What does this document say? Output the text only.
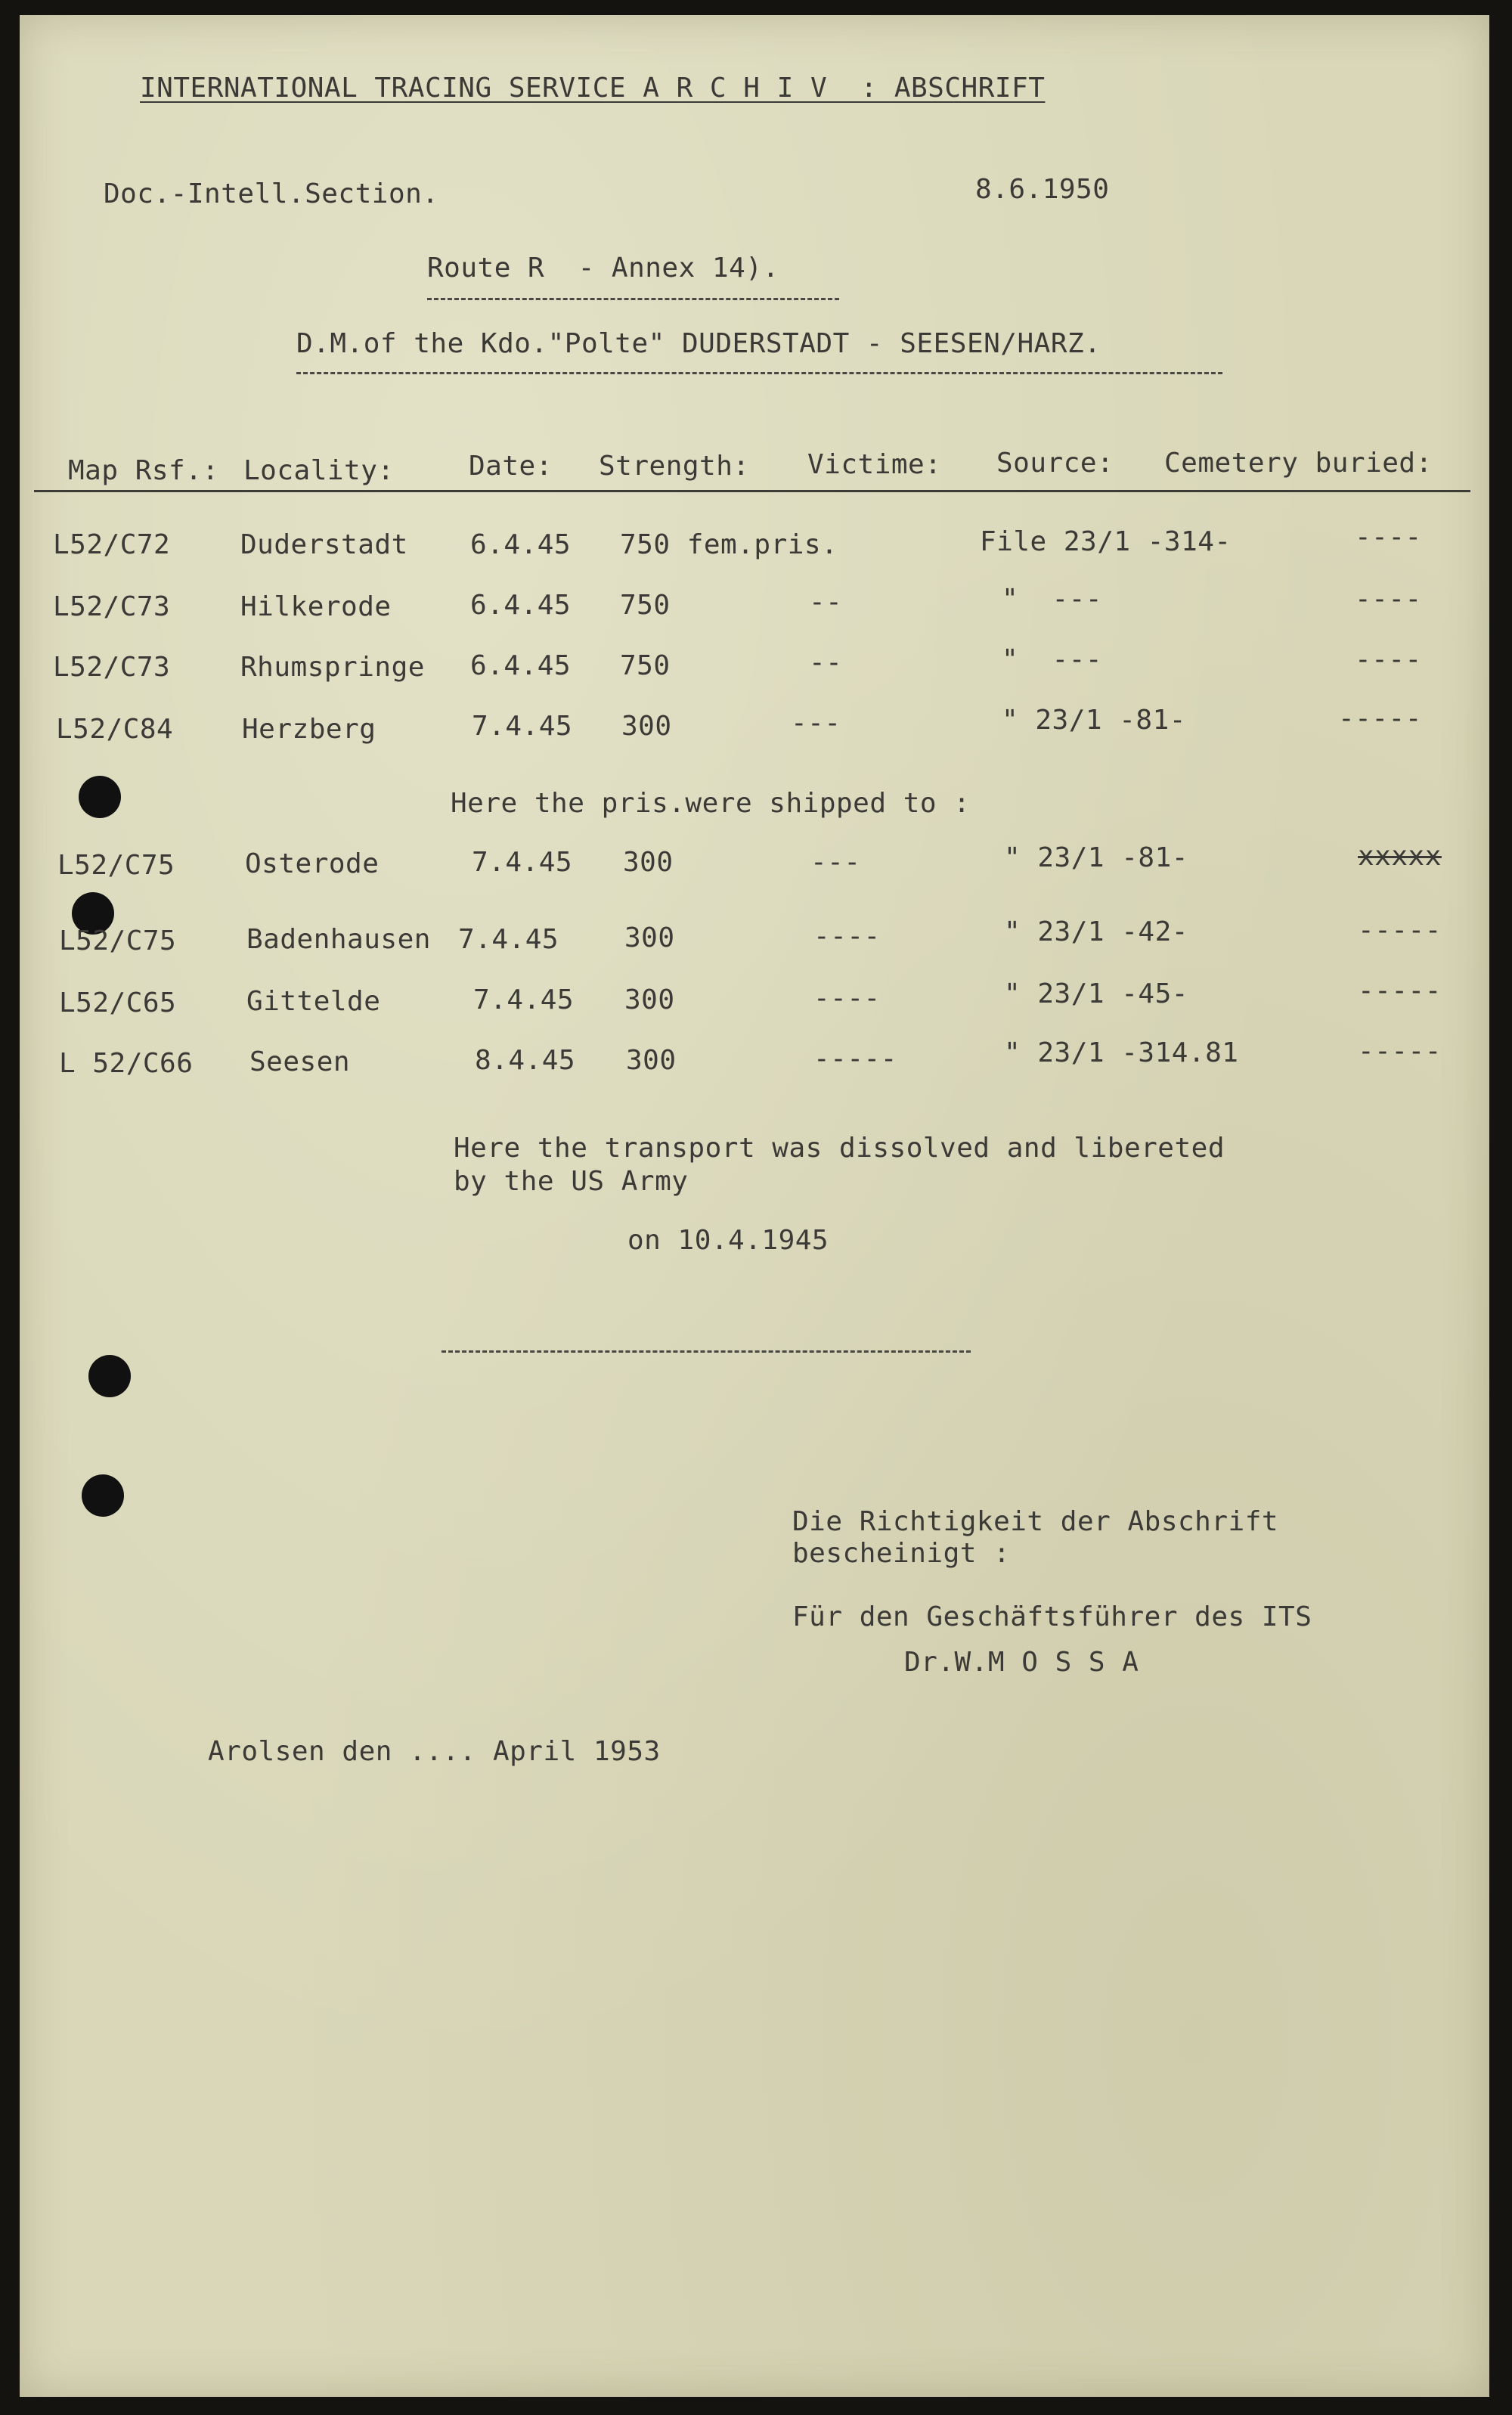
INTERNATIONAL TRACING SERVICE A R C H I V  : ABSCHRIFT
Doc.-Intell.Section.	8.6.1950
Route R  - Annex 14).
D.M.of the Kdo."Polte" DUDERSTADT - SEESEN/HARZ.
Map Rsf.: Locality:	Date: Strength: Victime: Source: Cemetery buried:
L52/C72	Duderstadt 6.4.45 750 fem.pris.	File 23/1 -314-	----
L52/C73	Hilkerode	6.4.45 750	--	"  ---	----
L52/C73	Rhumspringe 6.4.45 750	--	"  ---	----
L52/C84	Herzberg	7.4.45 300	---	" 23/1 -81-	-----
Here the pris.were shipped to :
L52/C75	Osterode	7.4.45 300	---	" 23/1 -81-	xxxxx
L52/C75	Badenhausen 7.4.45 300	----	" 23/1 -42-	-----
L52/C65	Gittelde	7.4.45 300	----	" 23/1 -45-	-----
L 52/C66 Seesen	8.4.45 300	-----	" 23/1 -314.81	-----
Here the transport was dissolved and libereted
by the US Army
on 10.4.1945
Die Richtigkeit der Abschrift
bescheinigt :
Für den Geschäftsführer des ITS
Dr.W.M O S S A
Arolsen den .... April 1953
